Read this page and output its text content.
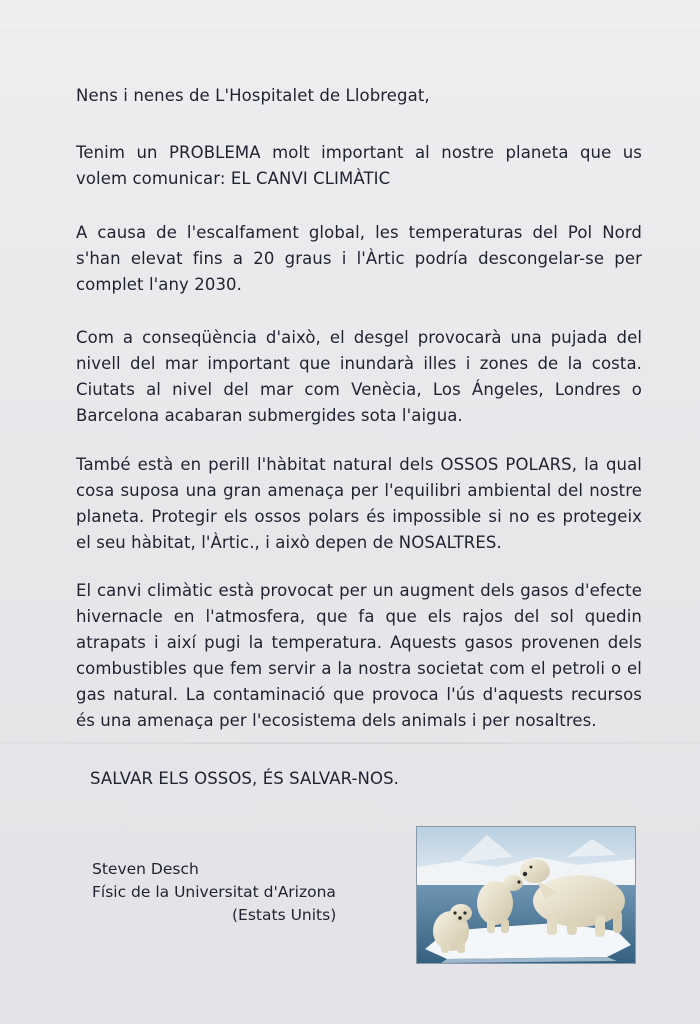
Nens i nenes de L'Hospitalet de Llobregat,
Tenim un PROBLEMA molt important al nostre planeta que us volem comunicar: EL CANVI CLIMÀTIC
A causa de l'escalfament global, les temperaturas del Pol Nord s'han elevat fins a 20 graus i l'Àrtic podría descongelar-se per complet l'any 2030.
Com a conseqüència d'això, el desgel provocarà una pujada del nivell del mar important que inundarà illes i zones de la costa. Ciutats al nivel del mar com Venècia, Los Ángeles, Londres o Barcelona acabaran submergides sota l'aigua.
També està en perill l'hàbitat natural dels OSSOS POLARS, la qual cosa suposa una gran amenaça per l'equilibri ambiental del nostre planeta. Protegir els ossos polars és impossible si no es protegeix el seu hàbitat, l'Àrtic., i això depen de NOSALTRES.
El canvi climàtic està provocat per un augment dels gasos d'efecte hivernacle en l'atmosfera, que fa que els rajos del sol quedin atrapats i així pugi la temperatura. Aquests gasos provenen dels combustibles que fem servir a la nostra societat com el petroli o el gas natural. La contaminació que provoca l'ús d'aquests recursos és una amenaça per l'ecosistema dels animals i per nosaltres.
SALVAR ELS OSSOS, ÉS SALVAR-NOS.
Steven Desch
Físic de la Universitat d'Arizona
(Estats Units)
